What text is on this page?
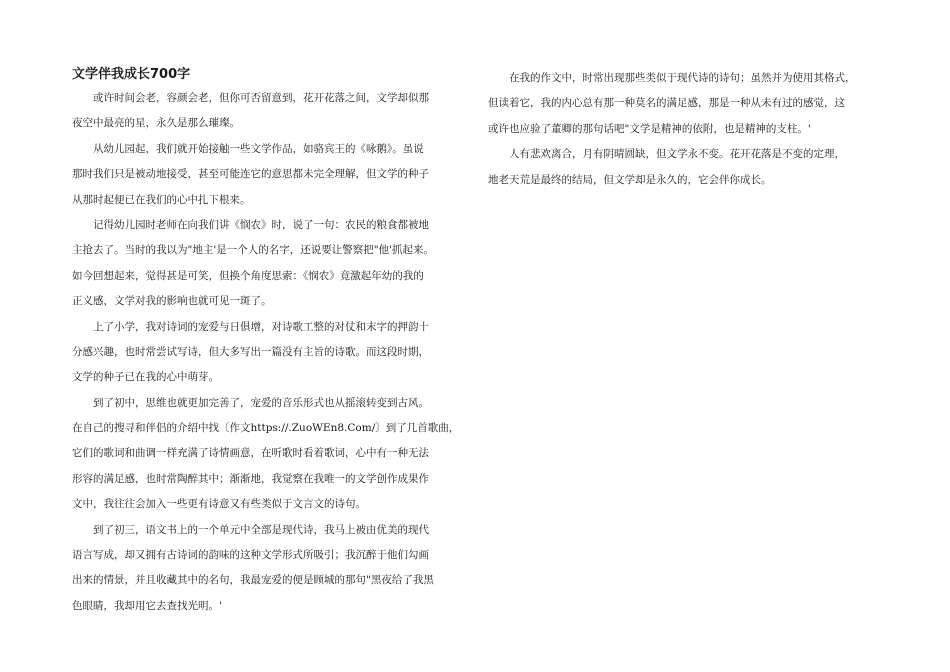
文学伴我成长700字
或许时间会老，容颜会老，但你可否留意到，花开花落之间，文学却似那
夜空中最亮的星，永久是那么璀璨。
从幼儿园起，我们就开始接触一些文学作品，如骆宾王的《咏鹅》。虽说
那时我们只是被动地接受，甚至可能连它的意思都未完全理解，但文学的种子
从那时起便已在我们的心中扎下根来。
记得幼儿园时老师在向我们讲《悯农》时，说了一句：农民的粮食都被地
主抢去了。当时的我以为"地主'是一个人的名字，还说要让警察把"他'抓起来。
如今回想起来，觉得甚是可笑，但换个角度思索：《悯农》竟激起年幼的我的
正义感，文学对我的影响也就可见一斑了。
上了小学，我对诗词的宠爱与日俱增，对诗歌工整的对仗和末字的押韵十
分感兴趣，也时常尝试写诗，但大多写出一篇没有主旨的诗歌。而这段时期，
文学的种子已在我的心中萌芽。
到了初中，思维也就更加完善了，宠爱的音乐形式也从摇滚转变到古风。
在自己的搜寻和伴侣的介绍中找〔作文https://.ZuoWEn8.Com/〕到了几首歌曲，
它们的歌词和曲调一样充满了诗情画意，在听歌时看着歌词，心中有一种无法
形容的满足感，也时常陶醉其中；渐渐地，我觉察在我唯一的文学创作成果作
文中，我往往会加入一些更有诗意又有些类似于文言文的诗句。
到了初三，语文书上的一个单元中全部是现代诗，我马上被由优美的现代
语言写成，却又拥有古诗词的韵味的这种文学形式所吸引；我沉醉于他们勾画
出来的情景，并且收藏其中的名句，我最宠爱的便是顾城的那句"黑夜给了我黑
色眼睛，我却用它去查找光明。'
在我的作文中，时常出现那些类似于现代诗的诗句；虽然并为使用其格式，
但读着它，我的内心总有那一种莫名的满足感，那是一种从未有过的感觉，这
或许也应验了董卿的那句话吧"文学是精神的依附，也是精神的支柱。'
人有悲欢离合，月有阴晴圆缺，但文学永不变。花开花落是不变的定理，
地老天荒是最终的结局，但文学却是永久的，它会伴你成长。
